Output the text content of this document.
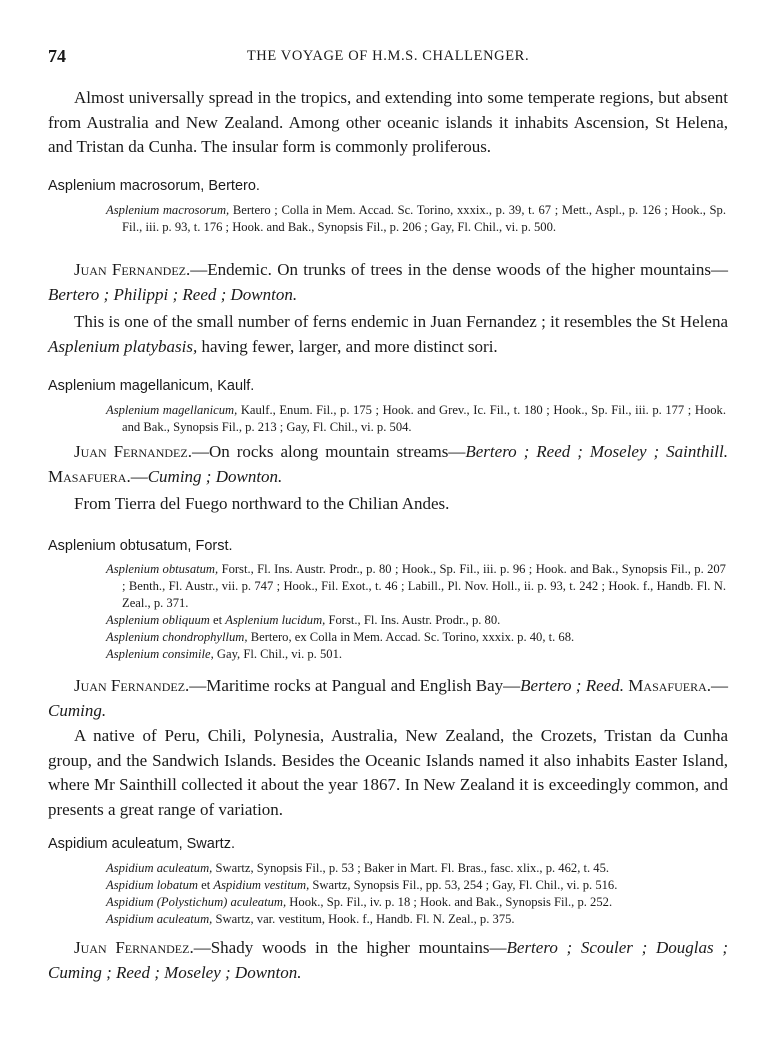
74	THE VOYAGE OF H.M.S. CHALLENGER.

Almost universally spread in the tropics, and extending into some temperate regions, but absent from Australia and New Zealand. Among other oceanic islands it inhabits Ascension, St Helena, and Tristan da Cunha. The insular form is commonly proliferous.

Asplenium macrosorum, Bertero.

Asplenium macrosorum, Bertero ; Colla in Mem. Accad. Sc. Torino, xxxix., p. 39, t. 67 ; Mett., Aspl., p. 126 ; Hook., Sp. Fil., iii. p. 93, t. 176 ; Hook. and Bak., Synopsis Fil., p. 206 ; Gay, Fl. Chil., vi. p. 500.

Juan Fernandez.—Endemic. On trunks of trees in the dense woods of the higher mountains—Bertero ; Philippi ; Reed ; Downton.

This is one of the small number of ferns endemic in Juan Fernandez ; it resembles the St Helena Asplenium platybasis, having fewer, larger, and more distinct sori.

Asplenium magellanicum, Kaulf.

Asplenium magellanicum, Kaulf., Enum. Fil., p. 175 ; Hook. and Grev., Ic. Fil., t. 180 ; Hook., Sp. Fil., iii. p. 177 ; Hook. and Bak., Synopsis Fil., p. 213 ; Gay, Fl. Chil., vi. p. 504.

Juan Fernandez.—On rocks along mountain streams—Bertero ; Reed ; Moseley ; Sainthill. Masafuera.—Cuming ; Downton.

From Tierra del Fuego northward to the Chilian Andes.

Asplenium obtusatum, Forst.

Asplenium obtusatum, Forst., Fl. Ins. Austr. Prodr., p. 80 ; Hook., Sp. Fil., iii. p. 96 ; Hook. and Bak., Synopsis Fil., p. 207 ; Benth., Fl. Austr., vii. p. 747 ; Hook., Fil. Exot., t. 46 ; Labill., Pl. Nov. Holl., ii. p. 93, t. 242 ; Hook. f., Handb. Fl. N. Zeal., p. 371.
Asplenium obliquum et Asplenium lucidum, Forst., Fl. Ins. Austr. Prodr., p. 80.
Asplenium chondrophyllum, Bertero, ex Colla in Mem. Accad. Sc. Torino, xxxix. p. 40, t. 68.
Asplenium consimile, Gay, Fl. Chil., vi. p. 501.

Juan Fernandez.—Maritime rocks at Pangual and English Bay—Bertero ; Reed. Masafuera.—Cuming.

A native of Peru, Chili, Polynesia, Australia, New Zealand, the Crozets, Tristan da Cunha group, and the Sandwich Islands. Besides the Oceanic Islands named it also inhabits Easter Island, where Mr Sainthill collected it about the year 1867. In New Zealand it is exceedingly common, and presents a great range of variation.

Aspidium aculeatum, Swartz.

Aspidium aculeatum, Swartz, Synopsis Fil., p. 53 ; Baker in Mart. Fl. Bras., fasc. xlix., p. 462, t. 45.
Aspidium lobatum et Aspidium vestitum, Swartz, Synopsis Fil., pp. 53, 254 ; Gay, Fl. Chil., vi. p. 516.
Aspidium (Polystichum) aculeatum, Hook., Sp. Fil., iv. p. 18 ; Hook. and Bak., Synopsis Fil., p. 252.
Aspidium aculeatum, Swartz, var. vestitum, Hook. f., Handb. Fl. N. Zeal., p. 375.

Juan Fernandez.—Shady woods in the higher mountains—Bertero ; Scouler ; Douglas ; Cuming ; Reed ; Moseley ; Downton.
